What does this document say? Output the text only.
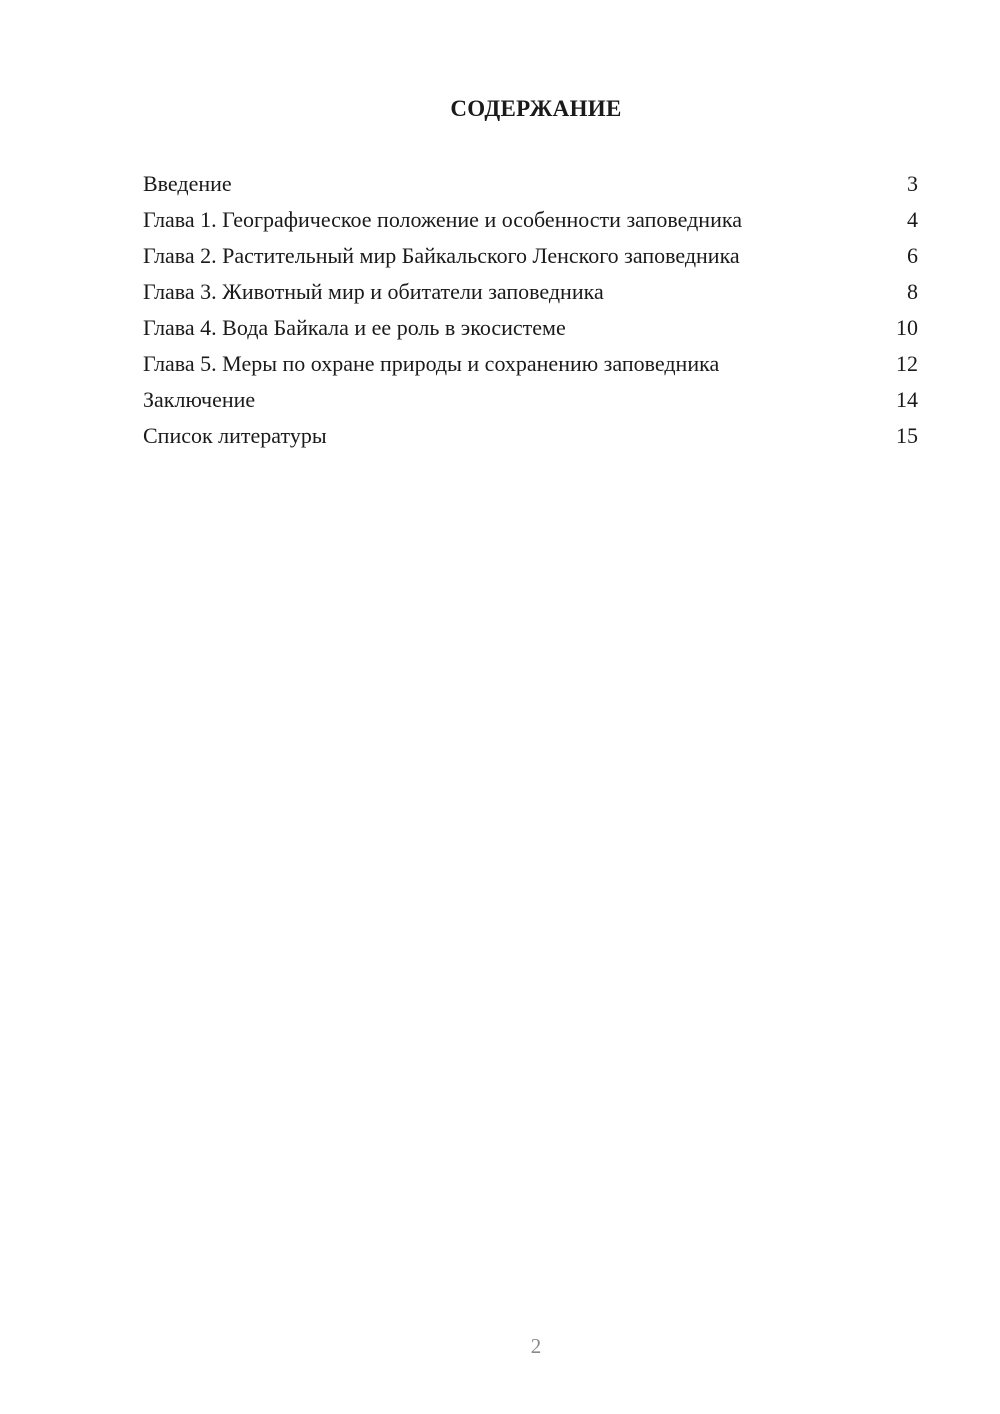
СОДЕРЖАНИЕ
Введение	3
Глава 1. Географическое положение и особенности заповедника	4
Глава 2. Растительный мир Байкальского Ленского заповедника	6
Глава 3. Животный мир и обитатели заповедника	8
Глава 4. Вода Байкала и ее роль в экосистеме	10
Глава 5. Меры по охране природы и сохранению заповедника	12
Заключение	14
Список литературы	15
2
